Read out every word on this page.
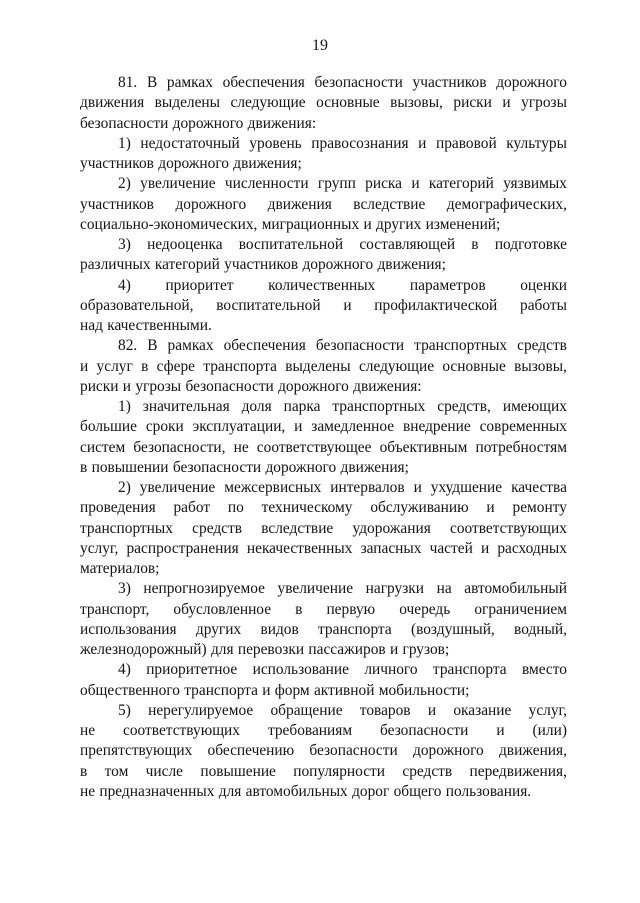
19
81. В рамках обеспечения безопасности участников дорожного
движения выделены следующие основные вызовы, риски и угрозы
безопасности дорожного движения:
1) недостаточный уровень правосознания и правовой культуры
участников дорожного движения;
2) увеличение численности групп риска и категорий уязвимых
участников дорожного движения вследствие демографических,
социально-экономических, миграционных и других изменений;
3) недооценка воспитательной составляющей в подготовке
различных категорий участников дорожного движения;
4) приоритет количественных параметров оценки
образовательной, воспитательной и профилактической работы
над качественными.
82. В рамках обеспечения безопасности транспортных средств
и услуг в сфере транспорта выделены следующие основные вызовы,
риски и угрозы безопасности дорожного движения:
1) значительная доля парка транспортных средств, имеющих
большие сроки эксплуатации, и замедленное внедрение современных
систем безопасности, не соответствующее объективным потребностям
в повышении безопасности дорожного движения;
2) увеличение межсервисных интервалов и ухудшение качества
проведения работ по техническому обслуживанию и ремонту
транспортных средств вследствие удорожания соответствующих
услуг, распространения некачественных запасных частей и расходных
материалов;
3) непрогнозируемое увеличение нагрузки на автомобильный
транспорт, обусловленное в первую очередь ограничением
использования других видов транспорта (воздушный, водный,
железнодорожный) для перевозки пассажиров и грузов;
4) приоритетное использование личного транспорта вместо
общественного транспорта и форм активной мобильности;
5) нерегулируемое обращение товаров и оказание услуг,
не соответствующих требованиям безопасности и (или)
препятствующих обеспечению безопасности дорожного движения,
в том числе повышение популярности средств передвижения,
не предназначенных для автомобильных дорог общего пользования.
